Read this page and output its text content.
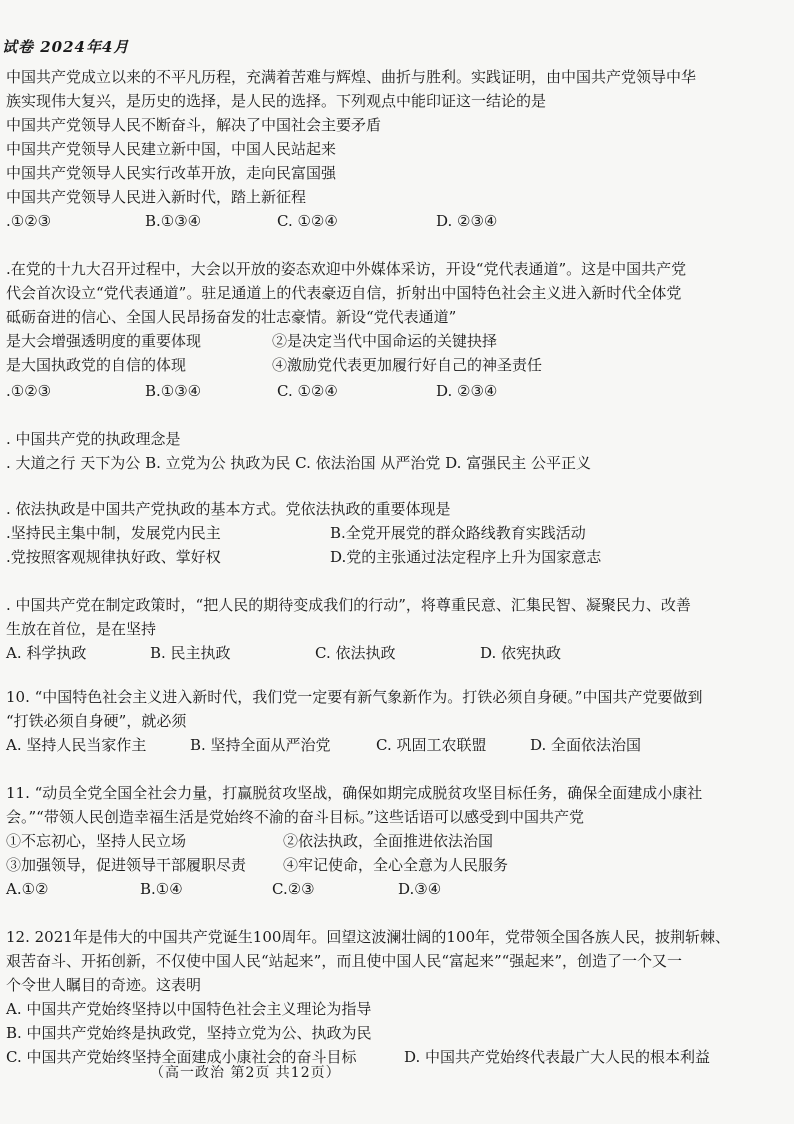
试卷 2024年4月
中国共产党成立以来的不平凡历程，充满着苦难与辉煌、曲折与胜利。实践证明，由中国共产党领导中华
族实现伟大复兴，是历史的选择，是人民的选择。下列观点中能印证这一结论的是
中国共产党领导人民不断奋斗，解决了中国社会主要矛盾
中国共产党领导人民建立新中国，中国人民站起来
中国共产党领导人民实行改革开放，走向民富国强
中国共产党领导人民进入新时代，踏上新征程
.①②③	B.①③④	C. ①②④	D. ②③④
.在党的十九大召开过程中，大会以开放的姿态欢迎中外媒体采访，开设“党代表通道”。这是中国共产党
代会首次设立“党代表通道”。驻足通道上的代表豪迈自信，折射出中国特色社会主义进入新时代全体党
砥砺奋进的信心、全国人民昂扬奋发的壮志豪情。新设“党代表通道”
是大会增强透明度的重要体现	②是决定当代中国命运的关键抉择
是大国执政党的自信的体现	④激励党代表更加履行好自己的神圣责任
.①②③	B.①③④	C. ①②④	D. ②③④
. 中国共产党的执政理念是
. 大道之行 天下为公 B. 立党为公 执政为民 C. 依法治国 从严治党 D. 富强民主 公平正义
. 依法执政是中国共产党执政的基本方式。党依法执政的重要体现是
.坚持民主集中制，发展党内民主	B.全党开展党的群众路线教育实践活动
.党按照客观规律执好政、掌好权	D.党的主张通过法定程序上升为国家意志
. 中国共产党在制定政策时，“把人民的期待变成我们的行动”，将尊重民意、汇集民智、凝聚民力、改善
生放在首位，是在坚持
A. 科学执政	B. 民主执政	C. 依法执政	D. 依宪执政
10. “中国特色社会主义进入新时代，我们党一定要有新气象新作为。打铁必须自身硬。”中国共产党要做到
“打铁必须自身硬”，就必须
A. 坚持人民当家作主	B. 坚持全面从严治党	C. 巩固工农联盟	D. 全面依法治国
11. “动员全党全国全社会力量，打赢脱贫攻坚战，确保如期完成脱贫攻坚目标任务，确保全面建成小康社
会。”“带领人民创造幸福生活是党始终不渝的奋斗目标。”这些话语可以感受到中国共产党
①不忘初心，坚持人民立场	②依法执政，全面推进依法治国
③加强领导，促进领导干部履职尽责 ④牢记使命，全心全意为人民服务
A.①②	B.①④	C.②③	D.③④
12. 2021年是伟大的中国共产党诞生100周年。回望这波澜壮阔的100年，党带领全国各族人民，披荆斩棘、
艰苦奋斗、开拓创新，不仅使中国人民“站起来”，而且使中国人民“富起来”“强起来”，创造了一个又一
个令世人瞩目的奇迹。这表明
A. 中国共产党始终坚持以中国特色社会主义理论为指导
B. 中国共产党始终是执政党，坚持立党为公、执政为民
C. 中国共产党始终坚持全面建成小康社会的奋斗目标	D. 中国共产党始终代表最广大人民的根本利益
（高一政治 第2页 共12页）
